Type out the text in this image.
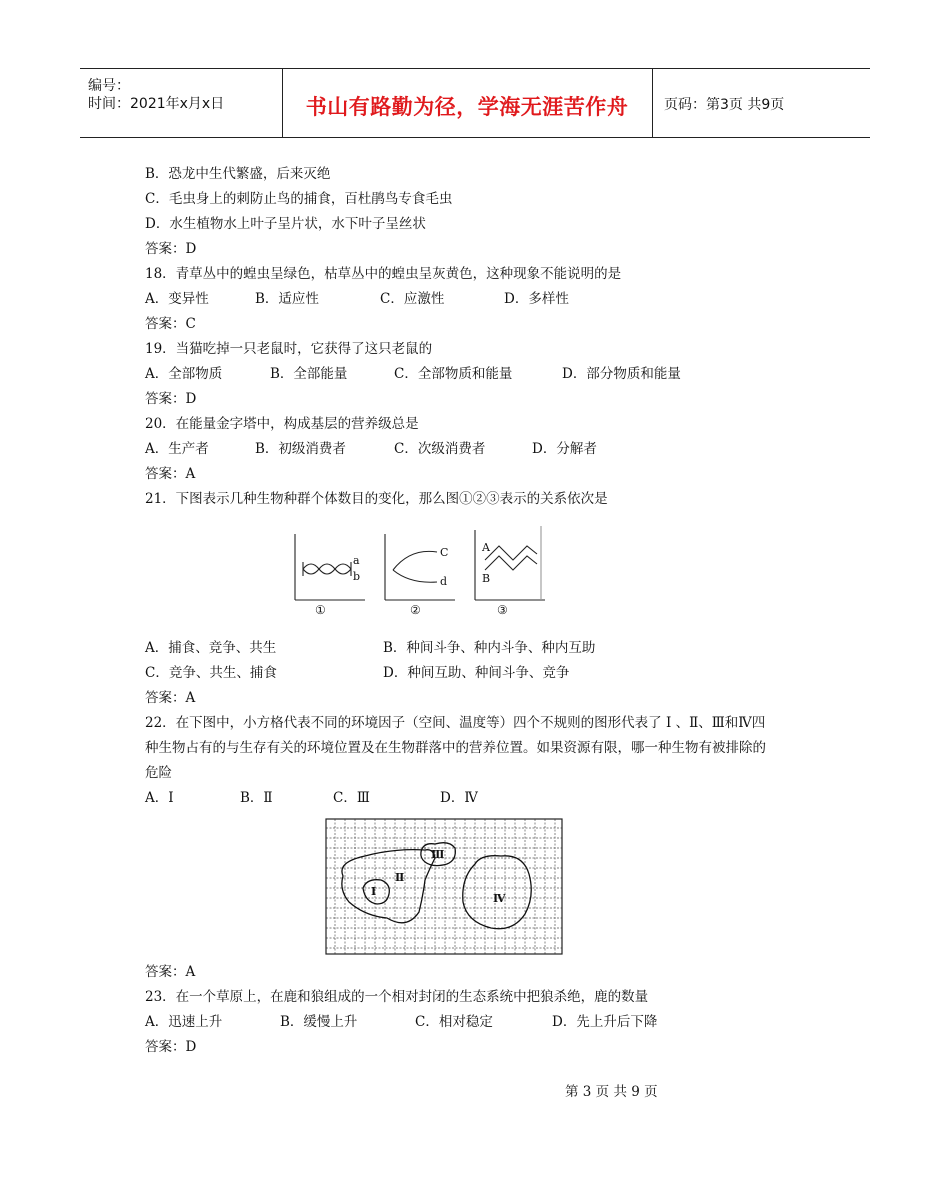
编号：
时间：2021年x月x日	书山有路勤为径，学海无涯苦作舟	页码：第3页 共9页
B．恐龙中生代繁盛，后来灭绝
C．毛虫身上的刺防止鸟的捕食，百杜鹃鸟专食毛虫
D．水生植物水上叶子呈片状，水下叶子呈丝状
答案：D
18．青草丛中的蝗虫呈绿色，枯草丛中的蝗虫呈灰黄色，这种现象不能说明的是
A．变异性	B．适应性	C．应激性	D．多样性
答案：C
19．当猫吃掉一只老鼠时，它获得了这只老鼠的
A．全部物质	B．全部能量	C．全部物质和能量	D．部分物质和能量
答案：D
20．在能量金字塔中，构成基层的营养级总是
A．生产者	B．初级消费者	C．次级消费者	D．分解者
答案：A
21．下图表示几种生物种群个体数目的变化，那么图①②③表示的关系依次是
a
b
C
d
A
B
①	②	③
A．捕食、竞争、共生	B．种间斗争、种内斗争、种内互助
C．竞争、共生、捕食	D．种间互助、种间斗争、竞争
答案：A
22．在下图中，小方格代表不同的环境因子（空间、温度等）四个不规则的图形代表了 Ⅰ 、Ⅱ、Ⅲ和Ⅳ四
种生物占有的与生存有关的环境位置及在生物群落中的营养位置。如果资源有限，哪一种生物有被排除的
危险
A．Ⅰ	B．Ⅱ	C．Ⅲ	D．Ⅳ
Ⅰ
Ⅱ
Ⅲ
Ⅳ
答案：A
23．在一个草原上，在鹿和狼组成的一个相对封闭的生态系统中把狼杀绝，鹿的数量
A．迅速上升	B．缓慢上升	C．相对稳定	D．先上升后下降
答案：D
第 3 页 共 9 页
